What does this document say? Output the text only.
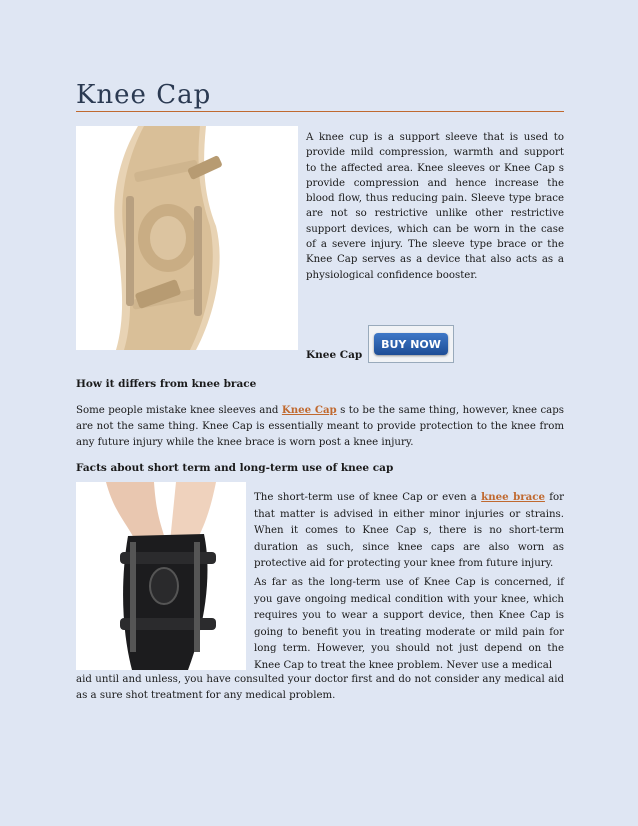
Knee Cap
A knee cup is a support sleeve that is used to provide mild compression, warmth and support to the affected area. Knee sleeves or Knee Cap s provide compression and hence increase the blood flow, thus reducing pain. Sleeve type brace are not so restrictive unlike other restrictive support devices, which can be worn in the case of a severe injury. The sleeve type brace or the Knee Cap serves as a device that also acts as a physiological confidence booster.
BUY NOW
Knee Cap
How it differs from knee brace
Some people mistake knee sleeves and Knee Cap s to be the same thing, however, knee caps are not the same thing. Knee Cap is essentially meant to provide protection to the knee from any future injury while the knee brace is worn post a knee injury.
Facts about short term and long-term use of knee cap
The short-term use of knee Cap or even a knee brace for that matter is advised in either minor injuries or strains. When it comes to Knee Cap s, there is no short-term duration as such, since knee caps are also worn as protective aid for protecting your knee from future injury.
As far as the long-term use of Knee Cap is concerned, if you gave ongoing medical condition with your knee, which requires you to wear a support device, then Knee Cap is going to benefit you in treating moderate or mild pain for long term. However, you should not just depend on the Knee Cap to treat the knee problem. Never use a medical
aid until and unless, you have consulted your doctor first and do not consider any medical aid as a sure shot treatment for any medical problem.
